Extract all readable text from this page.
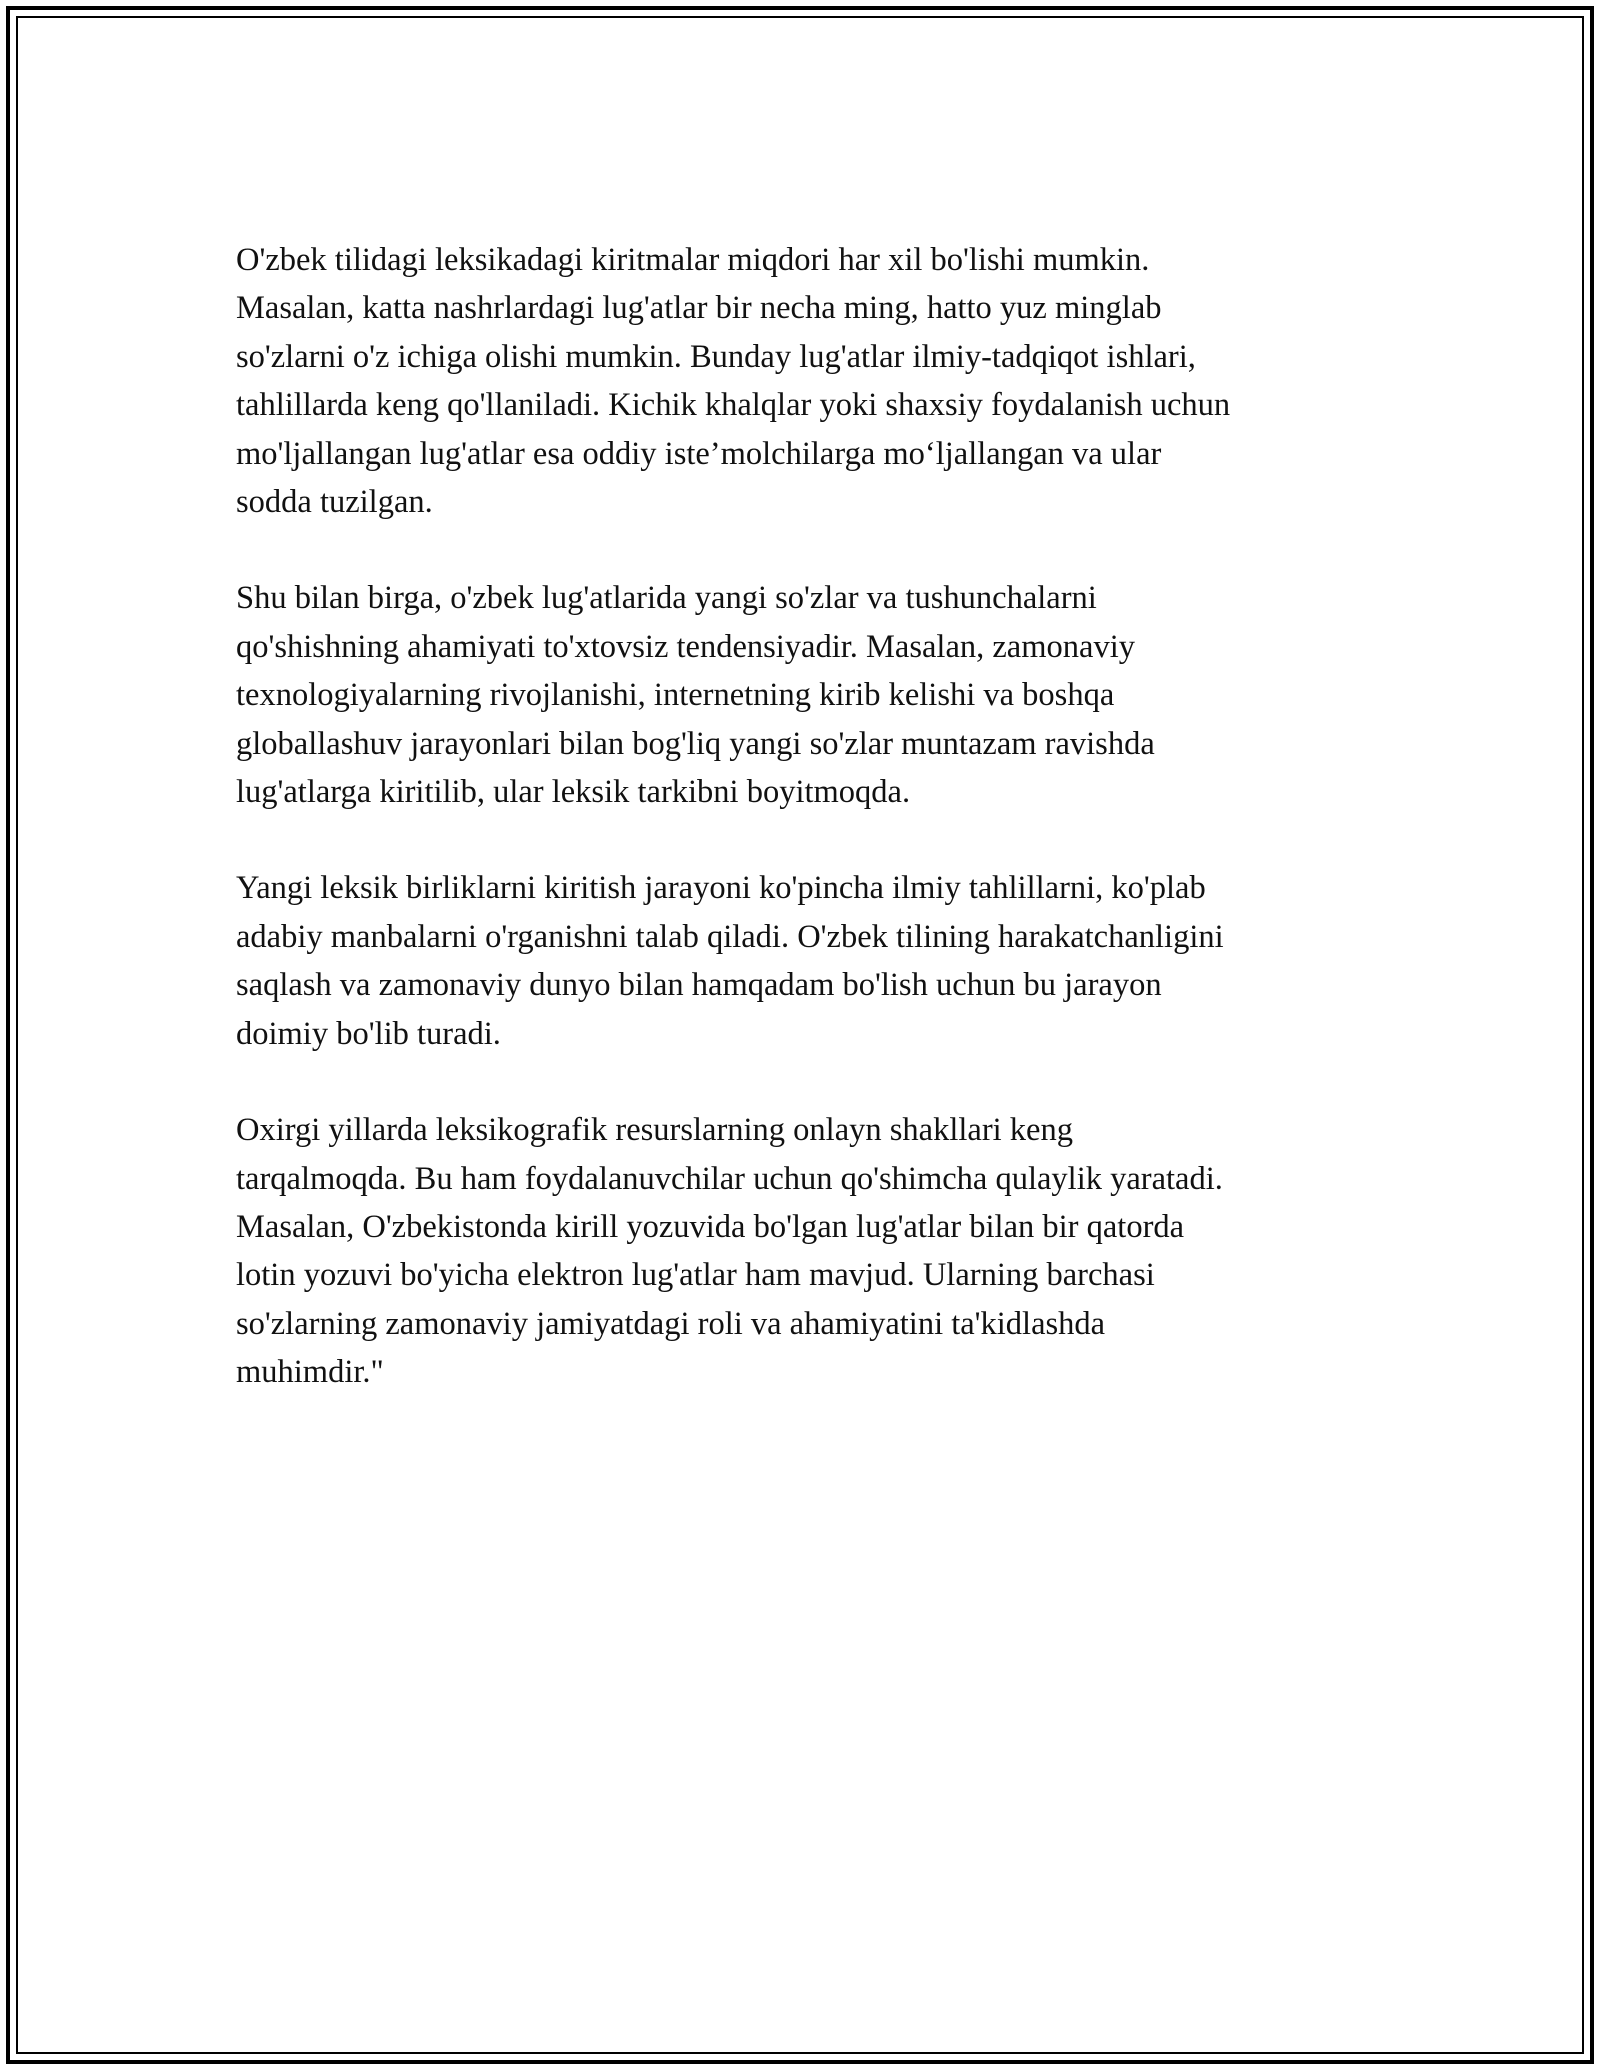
O'zbek tilidagi leksikadagi kiritmalar miqdori har xil bo'lishi mumkin.
Masalan, katta nashrlardagi lug'atlar bir necha ming, hatto yuz minglab
so'zlarni o'z ichiga olishi mumkin. Bunday lug'atlar ilmiy-tadqiqot ishlari,
tahlillarda keng qo'llaniladi. Kichik khalqlar yoki shaxsiy foydalanish uchun
mo'ljallangan lug'atlar esa oddiy iste’molchilarga mo‘ljallangan va ular
sodda tuzilgan.

Shu bilan birga, o'zbek lug'atlarida yangi so'zlar va tushunchalarni
qo'shishning ahamiyati to'xtovsiz tendensiyadir. Masalan, zamonaviy
texnologiyalarning rivojlanishi, internetning kirib kelishi va boshqa
globallashuv jarayonlari bilan bog'liq yangi so'zlar muntazam ravishda
lug'atlarga kiritilib, ular leksik tarkibni boyitmoqda.

Yangi leksik birliklarni kiritish jarayoni ko'pincha ilmiy tahlillarni, ko'plab
adabiy manbalarni o'rganishni talab qiladi. O'zbek tilining harakatchanligini
saqlash va zamonaviy dunyo bilan hamqadam bo'lish uchun bu jarayon
doimiy bo'lib turadi.

Oxirgi yillarda leksikografik resurslarning onlayn shakllari keng
tarqalmoqda. Bu ham foydalanuvchilar uchun qo'shimcha qulaylik yaratadi.
Masalan, O'zbekistonda kirill yozuvida bo'lgan lug'atlar bilan bir qatorda
lotin yozuvi bo'yicha elektron lug'atlar ham mavjud. Ularning barchasi
so'zlarning zamonaviy jamiyatdagi roli va ahamiyatini ta'kidlashda
muhimdir."
